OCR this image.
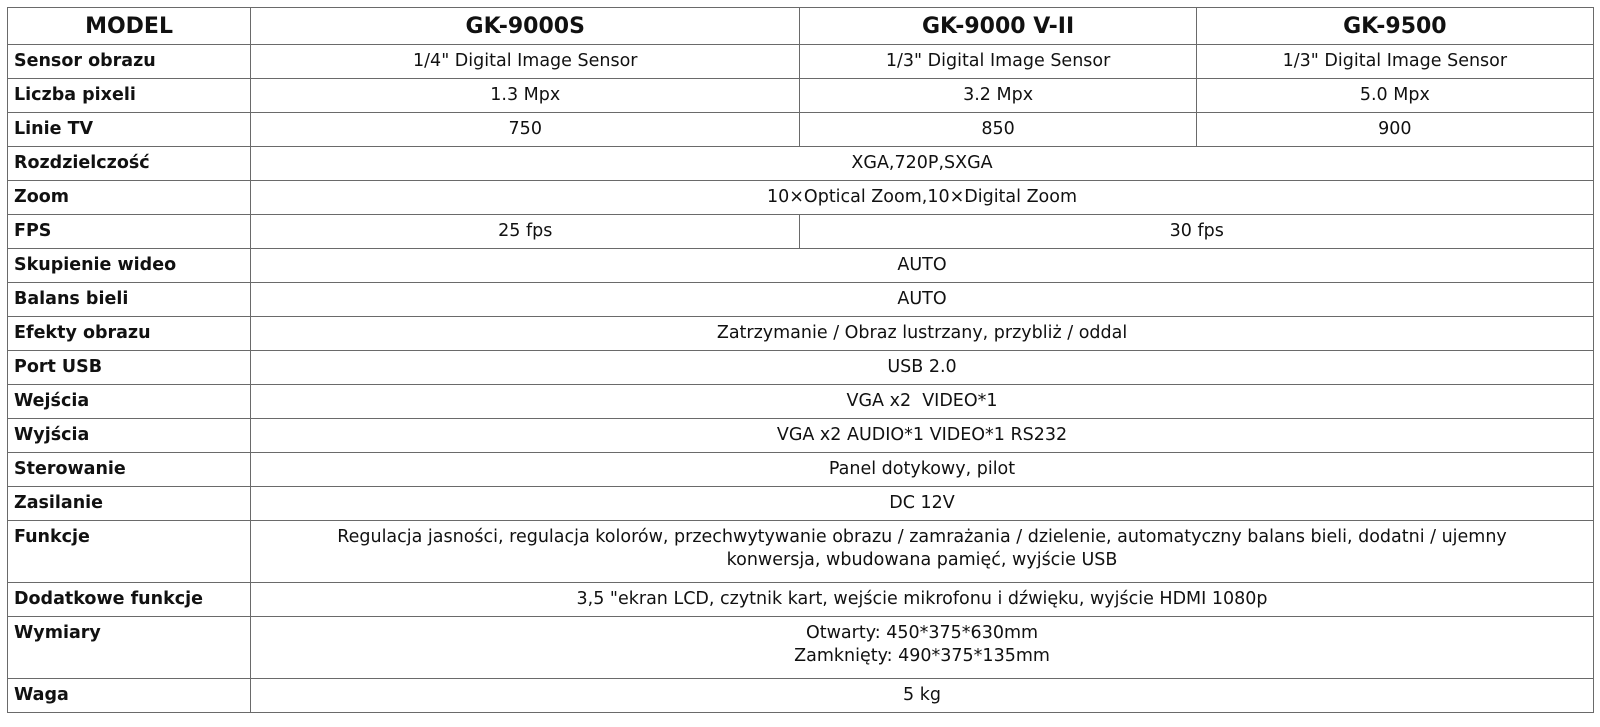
MODEL	GK-9000S	GK-9000 V-II	GK-9500
Sensor obrazu	1/4" Digital Image Sensor	1/3" Digital Image Sensor	1/3" Digital Image Sensor
Liczba pixeli	1.3 Mpx	3.2 Mpx	5.0 Mpx
Linie TV	750	850	900
Rozdzielczość	XGA,720P,SXGA		
Zoom	10×Optical Zoom,10×Digital Zoom		
FPS	25 fps	30 fps	
Skupienie wideo	AUTO		
Balans bieli	AUTO		
Efekty obrazu	Zatrzymanie / Obraz lustrzany, przybliż / oddal		
Port USB	USB 2.0		
Wejścia	VGA x2  VIDEO*1		
Wyjścia	VGA x2 AUDIO*1 VIDEO*1 RS232		
Sterowanie	Panel dotykowy, pilot		
Zasilanie	DC 12V		
Funkcje	Regulacja jasności, regulacja kolorów, przechwytywanie obrazu / zamrażania / dzielenie, automatyczny balans bieli, dodatni / ujemny
konwersja, wbudowana pamięć, wyjście USB		

Dodatkowe funkcje	3,5 "ekran LCD, czytnik kart, wejście mikrofonu i dźwięku, wyjście HDMI 1080p		
Wymiary	Otwarty: 450*375*630mm
Zamknięty: 490*375*135mm		

Waga	5 kg		
